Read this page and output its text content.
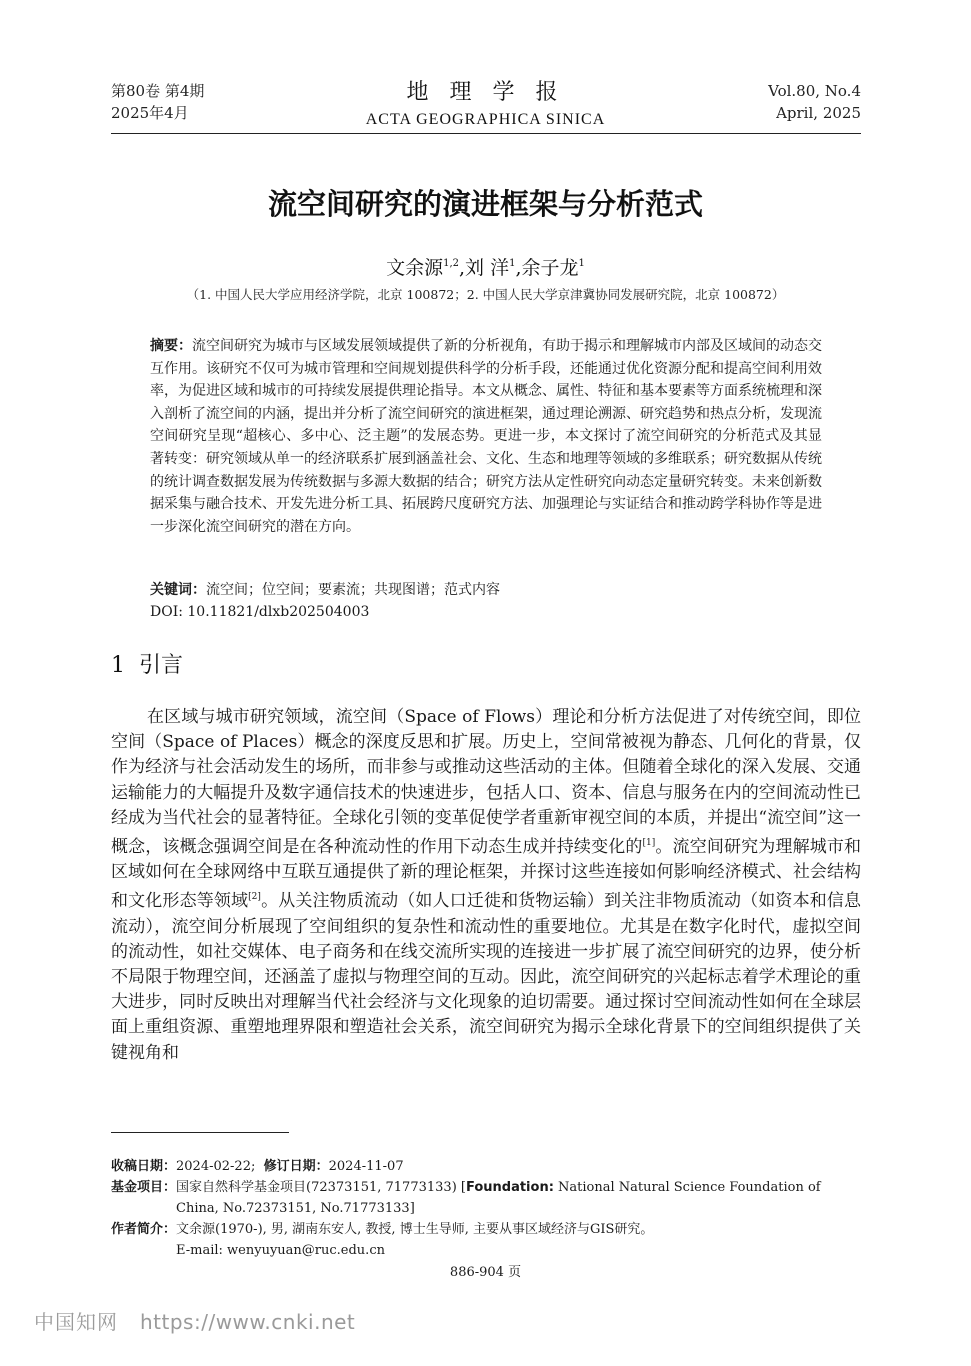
第80卷 第4期
2025年4月
地 理 学 报
ACTA GEOGRAPHICA SINICA
Vol.80, No.4
April, 2025
流空间研究的演进框架与分析范式
文余源$^{1,2}$,刘 洋$^1$,余子龙$^1$
（1. 中国人民大学应用经济学院，北京 100872；2. 中国人民大学京津冀协同发展研究院，北京 100872）
摘要：流空间研究为城市与区域发展领域提供了新的分析视角，有助于揭示和理解城市内部及区域间的动态交互作用。该研究不仅可为城市管理和空间规划提供科学的分析手段，还能通过优化资源分配和提高空间利用效率，为促进区域和城市的可持续发展提供理论指导。本文从概念、属性、特征和基本要素等方面系统梳理和深入剖析了流空间的内涵，提出并分析了流空间研究的演进框架，通过理论溯源、研究趋势和热点分析，发现流空间研究呈现“超核心、多中心、泛主题”的发展态势。更进一步，本文探讨了流空间研究的分析范式及其显著转变：研究领域从单一的经济联系扩展到涵盖社会、文化、生态和地理等领域的多维联系；研究数据从传统的统计调查数据发展为传统数据与多源大数据的结合；研究方法从定性研究向动态定量研究转变。未来创新数据采集与融合技术、开发先进分析工具、拓展跨尺度研究方法、加强理论与实证结合和推动跨学科协作等是进一步深化流空间研究的潜在方向。
关键词：流空间；位空间；要素流；共现图谱；范式内容
DOI: 10.11821/dlxb202504003
1 引言
在区域与城市研究领域，流空间（Space of Flows）理论和分析方法促进了对传统空间，即位空间（Space of Places）概念的深度反思和扩展。历史上，空间常被视为静态、几何化的背景，仅作为经济与社会活动发生的场所，而非参与或推动这些活动的主体。但随着全球化的深入发展、交通运输能力的大幅提升及数字通信技术的快速进步，包括人口、资本、信息与服务在内的空间流动性已经成为当代社会的显著特征。全球化引领的变革促使学者重新审视空间的本质，并提出“流空间”这一概念，该概念强调空间是在各种流动性的作用下动态生成并持续变化的[1]。流空间研究为理解城市和区域如何在全球网络中互联互通提供了新的理论框架，并探讨这些连接如何影响经济模式、社会结构和文化形态等领域[2]。从关注物质流动（如人口迁徙和货物运输）到关注非物质流动（如资本和信息流动），流空间分析展现了空间组织的复杂性和流动性的重要地位。尤其是在数字化时代，虚拟空间的流动性，如社交媒体、电子商务和在线交流所实现的连接进一步扩展了流空间研究的边界，使分析不局限于物理空间，还涵盖了虚拟与物理空间的互动。因此，流空间研究的兴起标志着学术理论的重大进步，同时反映出对理解当代社会经济与文化现象的迫切需要。通过探讨空间流动性如何在全球层面上重组资源、重塑地理界限和塑造社会关系，流空间研究为揭示全球化背景下的空间组织提供了关键视角和
收稿日期：2024-02-22; 修订日期：2024-11-07
基金项目： 国家自然科学基金项目(72373151, 71773133) [Foundation: National Natural Science Foundation of China, No.72373151, No.71773133]
作者简介： 文余源(1970-), 男, 湖南东安人, 教授, 博士生导师, 主要从事区域经济与GIS研究。
E-mail: wenyuyuan@ruc.edu.cn
886-904 页
中国知网 https://www.cnki.net
